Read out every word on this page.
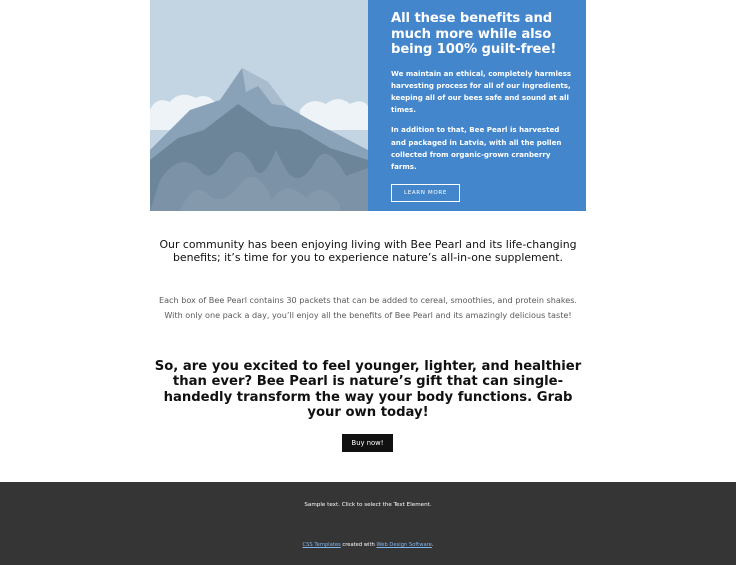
All these benefits and much more while also being 100% guilt-free!

We maintain an ethical, completely harmless harvesting process for all of our ingredients, keeping all of our bees safe and sound at all times.

In addition to that, Bee Pearl is harvested and packaged in Latvia, with all the pollen collected from organic-grown cranberry farms.

LEARN MORE

Our community has been enjoying living with Bee Pearl and its life-changing benefits; it’s time for you to experience nature’s all-in-one supplement.

Each box of Bee Pearl contains 30 packets that can be added to cereal, smoothies, and protein shakes. With only one pack a day, you’ll enjoy all the benefits of Bee Pearl and its amazingly delicious taste!

So, are you excited to feel younger, lighter, and healthier than ever? Bee Pearl is nature’s gift that can single-handedly transform the way your body functions. Grab your own today!
Buy now!

Sample text. Click to select the Text Element.

CSS Templates created with Web Design Software.
